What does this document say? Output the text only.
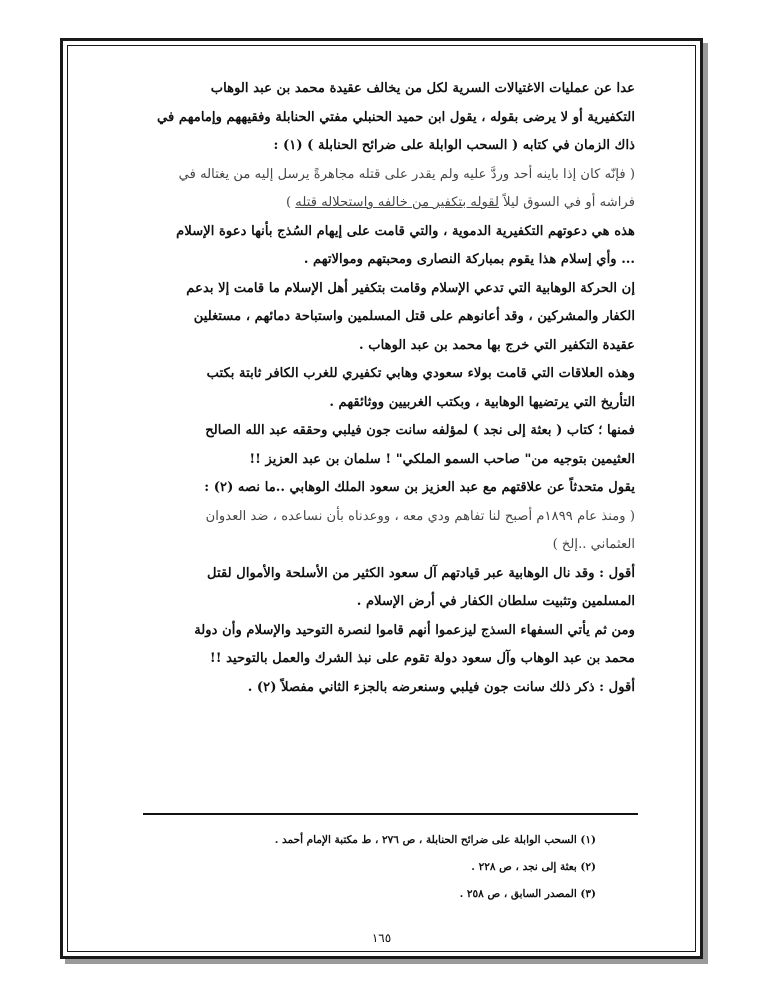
عدا عن عمليات الاغتيالات السرية لكل من يخالف عقيدة محمد بن عبد الوهاب
التكفيرية أو لا يرضى بقوله ، يقول ابن حميد الحنبلي مفتي الحنابلة وفقيههم وإمامهم في
ذاك الزمان في كتابه ( السحب الوابلة على ضرائح الحنابلة ) (١) :
( فإنّه كان إذا باينه أحد وردَّ عليه ولم يقدر على قتله مجاهرةً يرسل إليه من يغتاله في
فراشه أو في السوق ليلاً لقوله بتكفير من خالفه واستحلاله قتله )
هذه هي دعوتهم التكفيرية الدموية ، والتي قامت على إيهام السُذج بأنها دعوة الإسلام
... وأي إسلام هذا يقوم بمباركة النصارى ومحبتهم وموالاتهم .
إن الحركة الوهابية التي تدعي الإسلام وقامت بتكفير أهل الإسلام ما قامت إلا بدعم
الكفار والمشركين ، وقد أعانوهم على قتل المسلمين واستباحة دمائهم ، مستغلين
عقيدة التكفير التي خرج بها محمد بن عبد الوهاب .
وهذه العلاقات التي قامت بولاء سعودي وهابي تكفيري للغرب الكافر ثابتة بكتب
التأريخ التي يرتضيها الوهابية ، وبكتب الغربيين ووثائقهم .
فمنها ؛ كتاب ( بعثة إلى نجد ) لمؤلفه سانت جون فيلبي وحققه عبد الله الصالح
العثيمين بتوجيه من" صاحب السمو الملكي" ! سلمان بن عبد العزيز !!
يقول متحدثاً عن علاقتهم مع عبد العزيز بن سعود الملك الوهابي ..ما نصه (٢) :
( ومنذ عام ١٨٩٩م أصبح لنا تفاهم ودي معه ، ووعدناه بأن نساعده ، ضد العدوان
العثماني ..إلخ )
أقول : وقد نال الوهابية عبر قيادتهم آل سعود الكثير من الأسلحة والأموال لقتل
المسلمين وتثبيت سلطان الكفار في أرض الإسلام .
ومن ثم يأتي السفهاء السذج ليزعموا أنهم قاموا لنصرة التوحيد والإسلام وأن دولة
محمد بن عبد الوهاب وآل سعود دولة تقوم على نبذ الشرك والعمل بالتوحيد !!
أقول : ذكر ذلك سانت جون فيلبي وسنعرضه بالجزء الثاني مفصلاً (٢) .
(١) السحب الوابلة على ضرائح الحنابلة ، ص ٢٧٦ ، ط مكتبة الإمام أحمد .
(٢) بعثة إلى نجد ، ص ٢٢٨ .
(٣) المصدر السابق ، ص ٢٥٨ .
١٦٥
